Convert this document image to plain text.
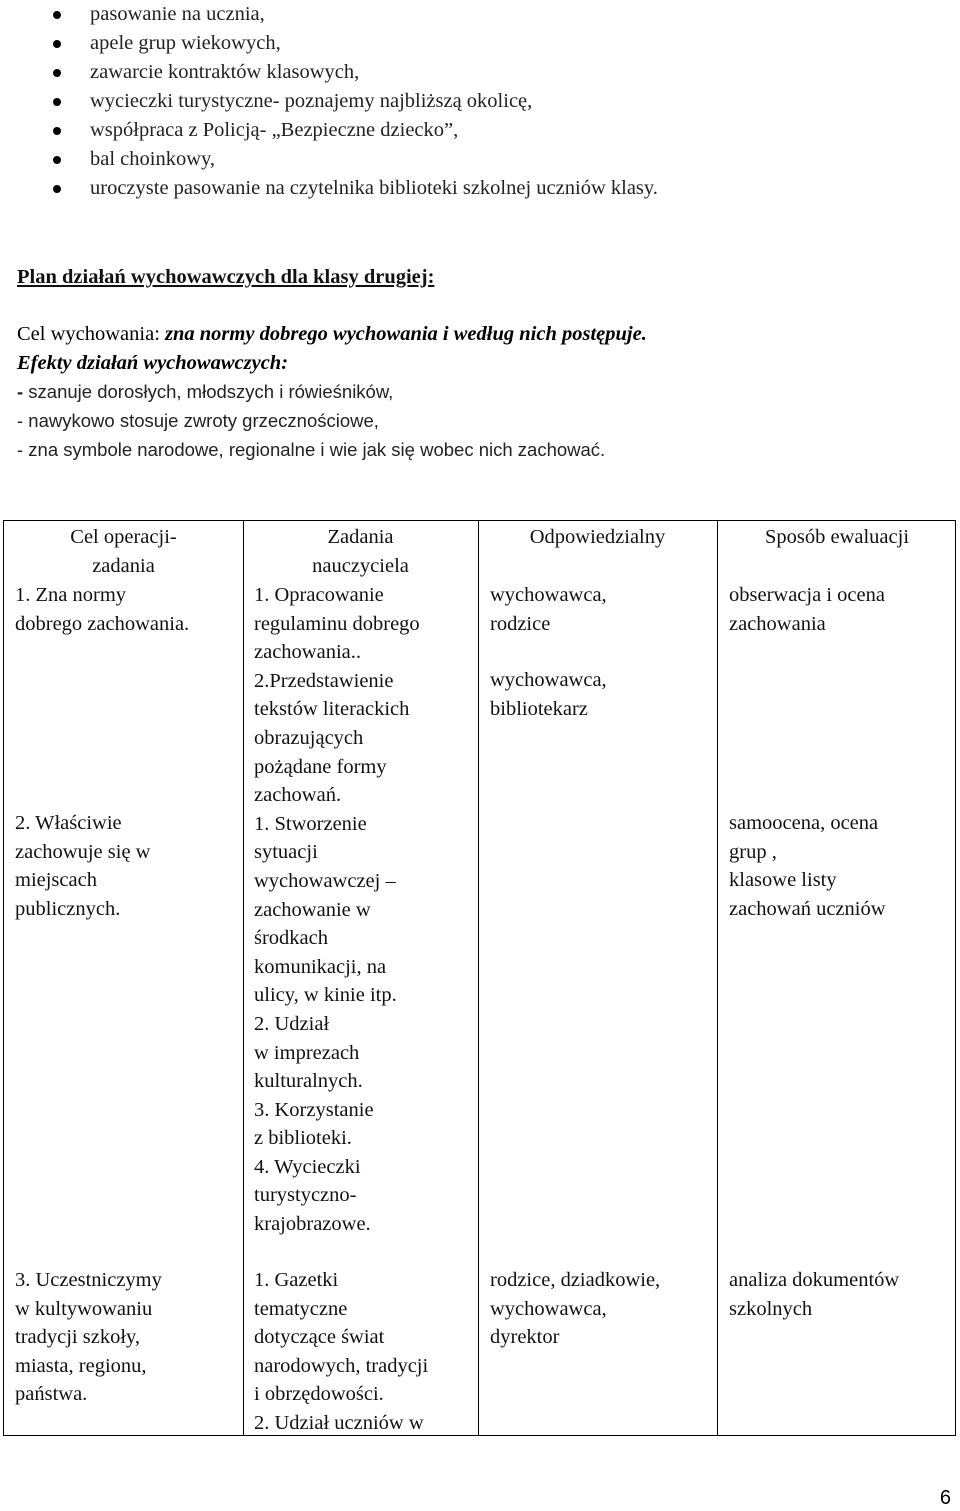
pasowanie na ucznia,
apele grup wiekowych,
zawarcie kontraktów klasowych,
wycieczki turystyczne- poznajemy najbliższą okolicę,
współpraca z Policją- „Bezpieczne dziecko”,
bal choinkowy,
uroczyste pasowanie na czytelnika biblioteki szkolnej uczniów klasy.
Plan działań wychowawczych dla klasy drugiej:
Cel wychowania: zna normy dobrego wychowania i według nich postępuje.
Efekty działań wychowawczych:
- szanuje dorosłych, młodszych i rówieśników,
- nawykowo stosuje zwroty grzecznościowe,
- zna symbole narodowe, regionalne i wie jak się wobec nich zachować.
Cel operacji-
zadania
Zadania
nauczyciela
Odpowiedzialny	Sposób ewaluacji
1. Zna normy
dobrego zachowania.
2. Właściwie
zachowuje się w
miejscach
publicznych.
3. Uczestniczymy
w kultywowaniu
tradycji szkoły,
miasta, regionu,
państwa.
1. Opracowanie
regulaminu dobrego
zachowania..
2.Przedstawienie
tekstów literackich
obrazujących
pożądane formy
zachowań.
1. Stworzenie
sytuacji
wychowawczej –
zachowanie w
środkach
komunikacji, na
ulicy, w kinie itp.
2. Udział
w imprezach
kulturalnych.
3. Korzystanie
z biblioteki.
4. Wycieczki
turystyczno-
krajobrazowe.
1. Gazetki
tematyczne
dotyczące świat
narodowych, tradycji
i obrzędowości.
2. Udział uczniów w
wychowawca,
rodzice
wychowawca,
bibliotekarz
rodzice, dziadkowie,
wychowawca,
dyrektor
obserwacja i ocena
zachowania
samoocena, ocena
grup ,
klasowe listy
zachowań uczniów
analiza dokumentów
szkolnych
6
